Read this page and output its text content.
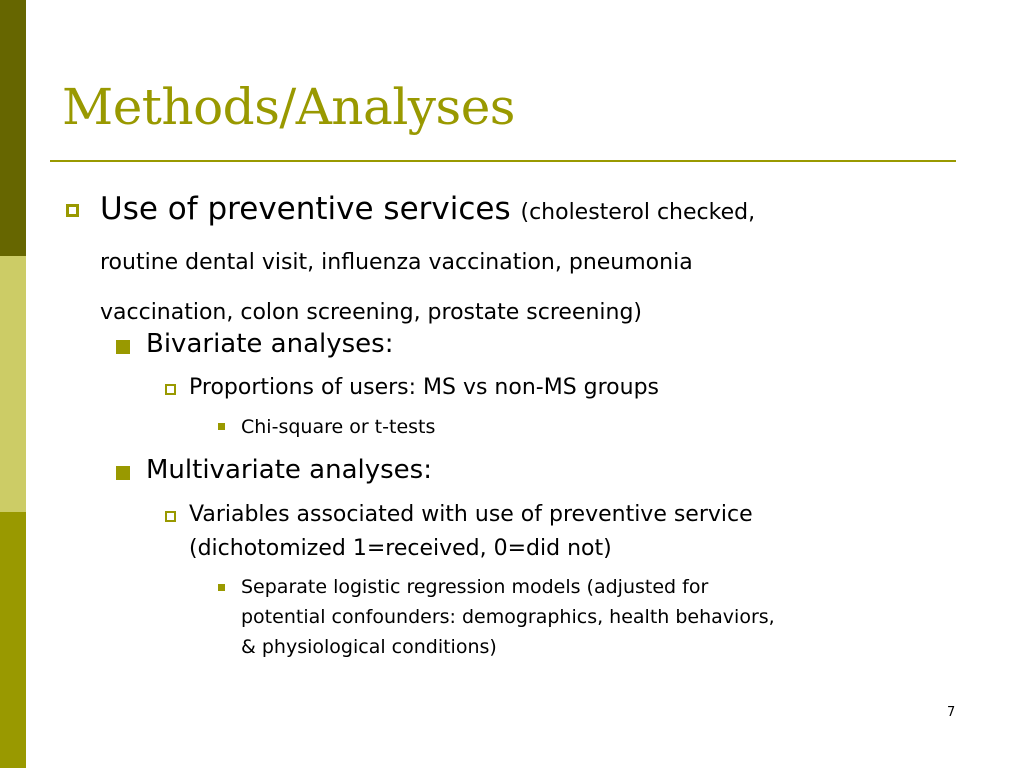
Methods/Analyses
Use of preventive services (cholesterol checked,
routine dental visit, influenza vaccination, pneumonia
vaccination, colon screening, prostate screening)
Bivariate analyses:
Proportions of users: MS vs non-MS groups
Chi-square or t-tests
Multivariate analyses:
Variables associated with use of preventive service
(dichotomized 1=received, 0=did not)
Separate logistic regression models (adjusted for
potential confounders: demographics, health behaviors,
& physiological conditions)
7
